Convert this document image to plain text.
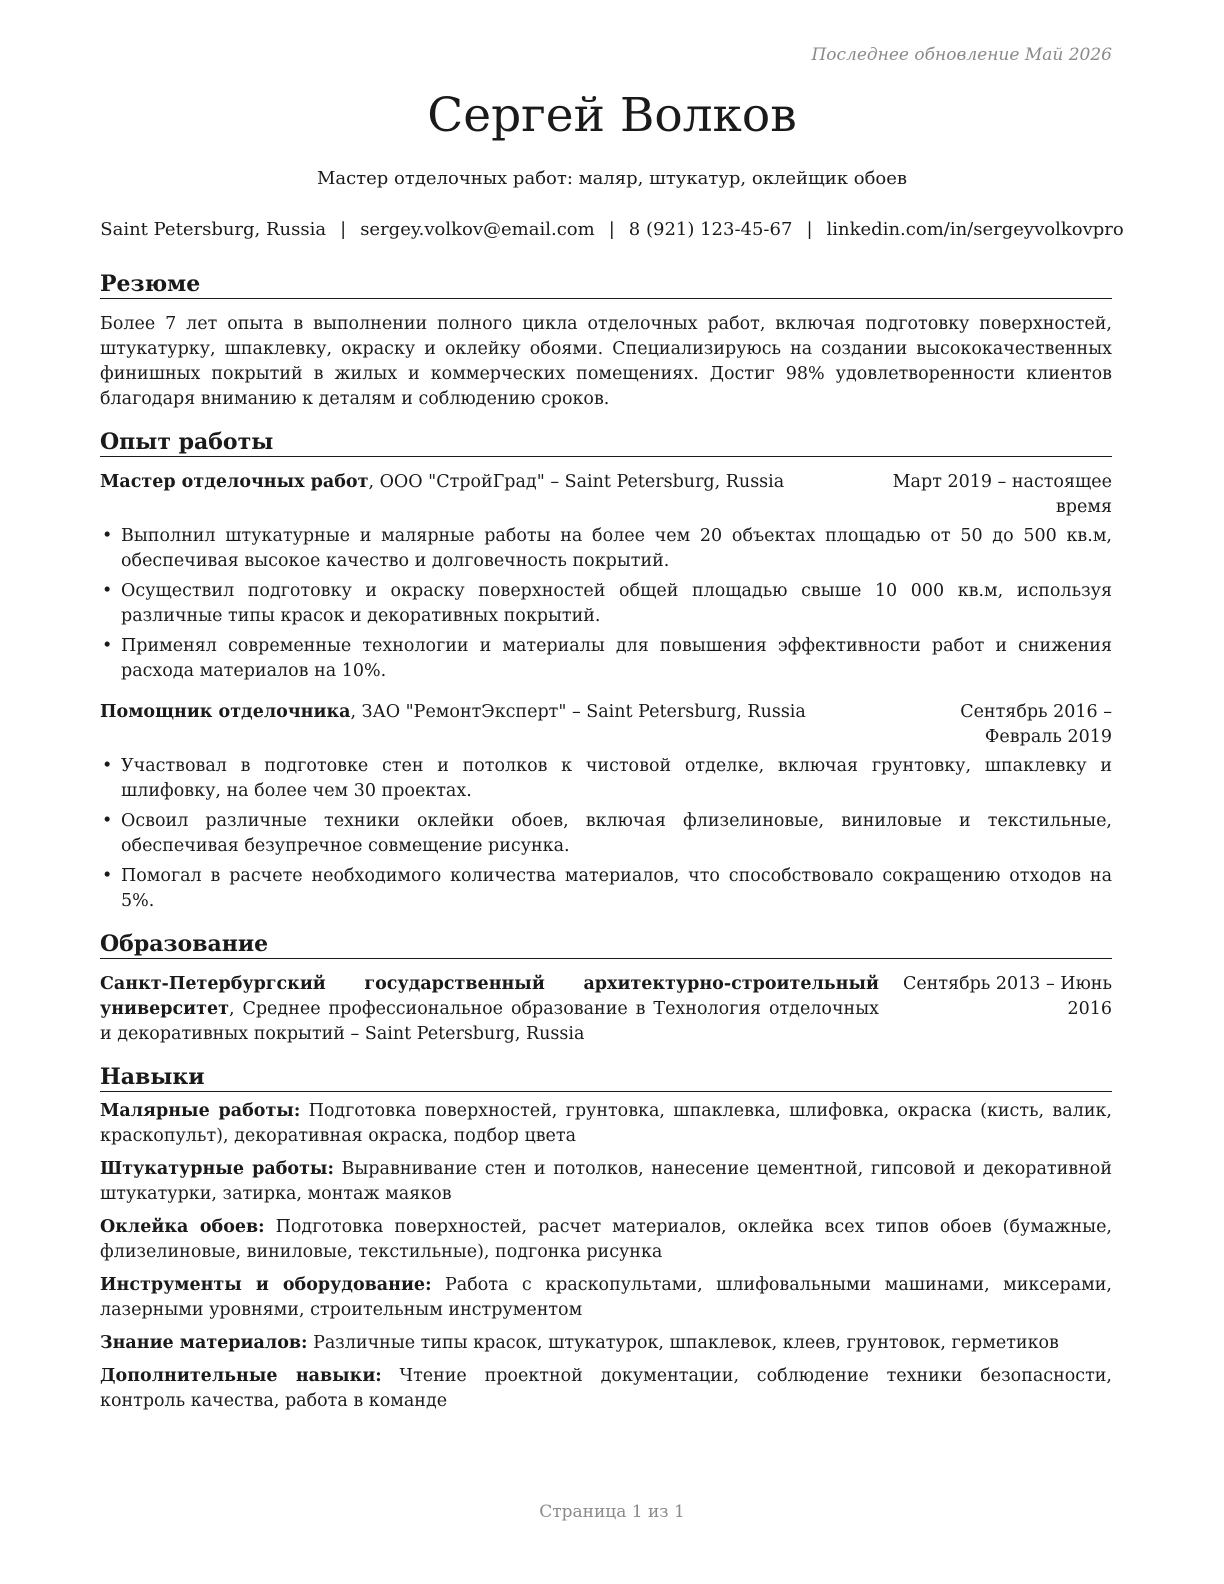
Последнее обновление Май 2026
Сергей Волков
Мастер отделочных работ: маляр, штукатур, оклейщик обоев
Saint Petersburg, Russia | sergey.volkov@email.com | 8 (921) 123-45-67 | linkedin.com/in/sergeyvolkovpro
Резюме

Более 7 лет опыта в выполнении полного цикла отделочных работ, включая подготовку поверхностей, штукатурку, шпаклевку, окраску и оклейку обоями. Специализируюсь на создании высококачественных финишных покрытий в жилых и коммерческих помещениях. Достиг 98% удовлетворенности клиентов благодаря вниманию к деталям и соблюдению сроков.

Опыт работы
Мастер отделочных работ, ООО "СтройГрад" – Saint Petersburg, Russia	Март 2019 – настоящее время
• Выполнил штукатурные и малярные работы на более чем 20 объектах площадью от 50 до 500 кв.м, обеспечивая высокое качество и долговечность покрытий.
• Осуществил подготовку и окраску поверхностей общей площадью свыше 10 000 кв.м, используя различные типы красок и декоративных покрытий.
• Применял современные технологии и материалы для повышения эффективности работ и снижения расхода материалов на 10%.
Помощник отделочника, ЗАО "РемонтЭксперт" – Saint Petersburg, Russia	Сентябрь 2016 – Февраль 2019
• Участвовал в подготовке стен и потолков к чистовой отделке, включая грунтовку, шпаклевку и шлифовку, на более чем 30 проектах.
• Освоил различные техники оклейки обоев, включая флизелиновые, виниловые и текстильные, обеспечивая безупречное совмещение рисунка.
• Помогал в расчете необходимого количества материалов, что способствовало сокращению отходов на 5%.
Образование
Санкт-Петербургский государственный архитектурно-строительный университет, Среднее профессиональное образование в Технология отделочных и декоративных покрытий – Saint Petersburg, Russia
Сентябрь 2013 – Июнь 2016
Навыки

Малярные работы: Подготовка поверхностей, грунтовка, шпаклевка, шлифовка, окраска (кисть, валик, краскопульт), декоративная окраска, подбор цвета

Штукатурные работы: Выравнивание стен и потолков, нанесение цементной, гипсовой и декоративной штукатурки, затирка, монтаж маяков

Оклейка обоев: Подготовка поверхностей, расчет материалов, оклейка всех типов обоев (бумажные, флизелиновые, виниловые, текстильные), подгонка рисунка

Инструменты и оборудование: Работа с краскопультами, шлифовальными машинами, миксерами, лазерными уровнями, строительным инструментом

Знание материалов: Различные типы красок, штукатурок, шпаклевок, клеев, грунтовок, герметиков

Дополнительные навыки: Чтение проектной документации, соблюдение техники безопасности, контроль качества, работа в команде

Страница 1 из 1
